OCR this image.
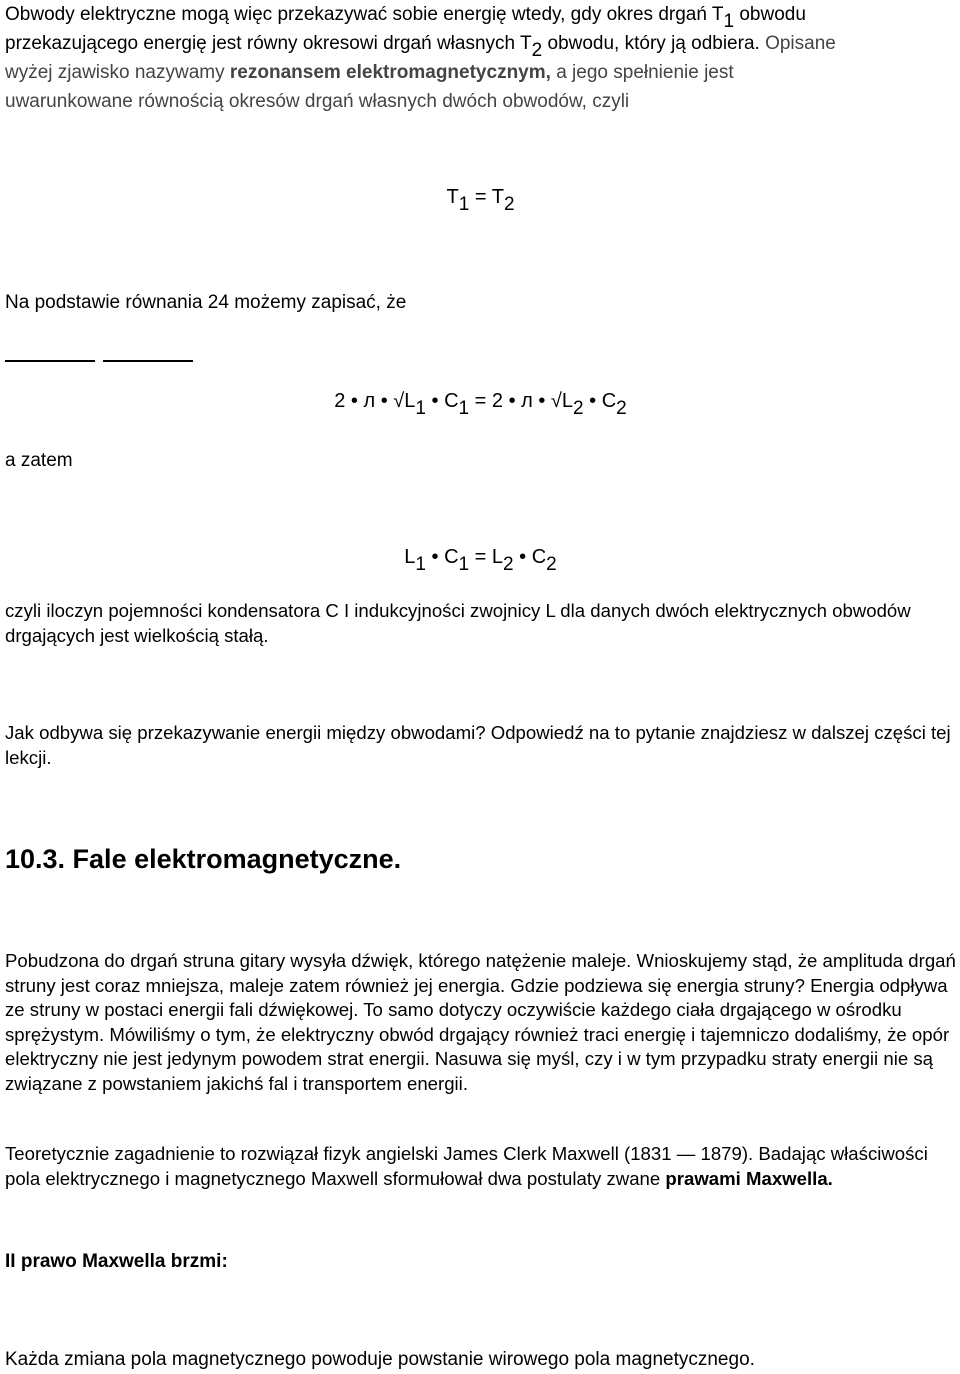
Obwody elektryczne mogą więc przekazywać sobie energię wtedy, gdy okres drgań $T_1$ obwodu
przekazującego energię jest równy okresowi drgań własnych $T_2$ obwodu, który ją odbiera. Opisane
wyżej zjawisko nazywamy rezonansem elektromagnetycznym, a jego spełnienie jest
uwarunkowane równością okresów drgań własnych dwóch obwodów, czyli
$T_1 = T_2$
Na podstawie równania 24 możemy zapisać, że
2 • л • $√L_1$ • $C_1 = 2$ • л • $√L_2$ • $C_2$
a zatem
$L_1$ • $C_1 = L_2$ • $C_2$
czyli iloczyn pojemności kondensatora C I indukcyjności zwojnicy L dla danych dwóch elektrycznych obwodów drgających jest wielkością stałą.
Jak odbywa się przekazywanie energii między obwodami? Odpowiedź na to pytanie znajdziesz w dalszej części tej lekcji.
10.3. Fale elektromagnetyczne.
Pobudzona do drgań struna gitary wysyła dźwięk, którego natężenie maleje. Wnioskujemy stąd, że amplituda drgań struny jest coraz mniejsza, maleje zatem również jej energia. Gdzie podziewa się energia struny? Energia odpływa ze struny w postaci energii fali dźwiękowej. To samo dotyczy oczywiście każdego ciała drgającego w ośrodku sprężystym. Mówiliśmy o tym, że elektryczny obwód drgający również traci energię i tajemniczo dodaliśmy, że opór elektryczny nie jest jedynym powodem strat energii. Nasuwa się myśl, czy i w tym przypadku straty energii nie są związane z powstaniem jakichś fal i transportem energii.
Teoretycznie zagadnienie to rozwiązał fizyk angielski James Clerk Maxwell (1831 — 1879). Badając właściwości pola elektrycznego i magnetycznego Maxwell sformułował dwa postulaty zwane prawami Maxwella.
II prawo Maxwella brzmi:
Każda zmiana pola magnetycznego powoduje powstanie wirowego pola magnetycznego.
